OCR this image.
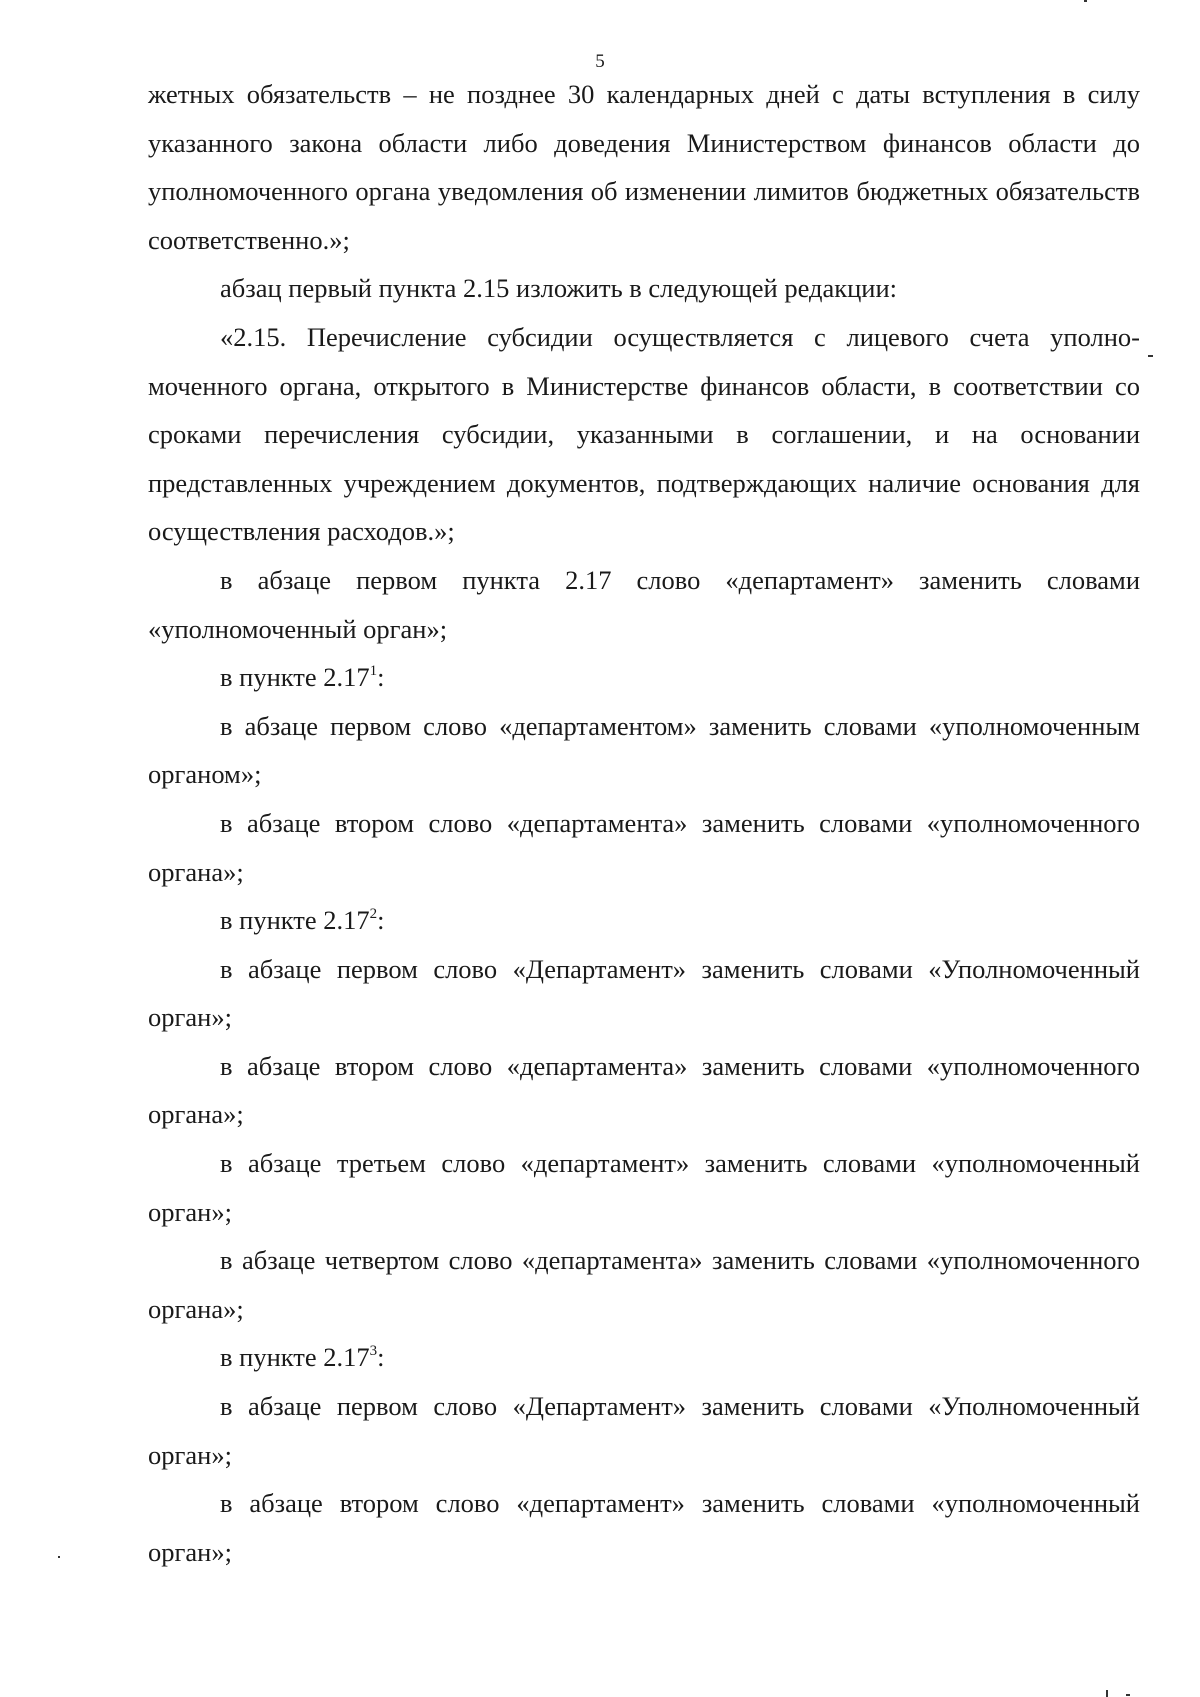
5

жетных обязательств – не позднее 30 календарных дней с даты вступления в силу указанного закона области либо доведения Министерством финансов области до уполномоченного органа уведомления об изменении лимитов бюджетных обязательств соответственно.»;

абзац первый пункта 2.15 изложить в следующей редакции:

«2.15. Перечисление субсидии осуществляется с лицевого счета уполномоченного органа, открытого в Министерстве финансов области, в соответствии со сроками перечисления субсидии, указанными в соглашении, и на основании представленных учреждением документов, подтверждающих наличие основания для осуществления расходов.»;

в абзаце первом пункта 2.17 слово «департамент» заменить словами «уполномоченный орган»;

в пункте 2.17$^1$:

в абзаце первом слово «департаментом» заменить словами «уполномоченным органом»;

в абзаце втором слово «департамента» заменить словами «уполномоченного органа»;

в пункте 2.17$^2$:

в абзаце первом слово «Департамент» заменить словами «Уполномоченный орган»;

в абзаце втором слово «департамента» заменить словами «уполномоченного органа»;

в абзаце третьем слово «департамент» заменить словами «уполномоченный орган»;

в абзаце четвертом слово «департамента» заменить словами «уполномоченного органа»;

в пункте 2.17$^3$:

в абзаце первом слово «Департамент» заменить словами «Уполномоченный орган»;

в абзаце втором слово «департамент» заменить словами «уполномоченный орган»;
